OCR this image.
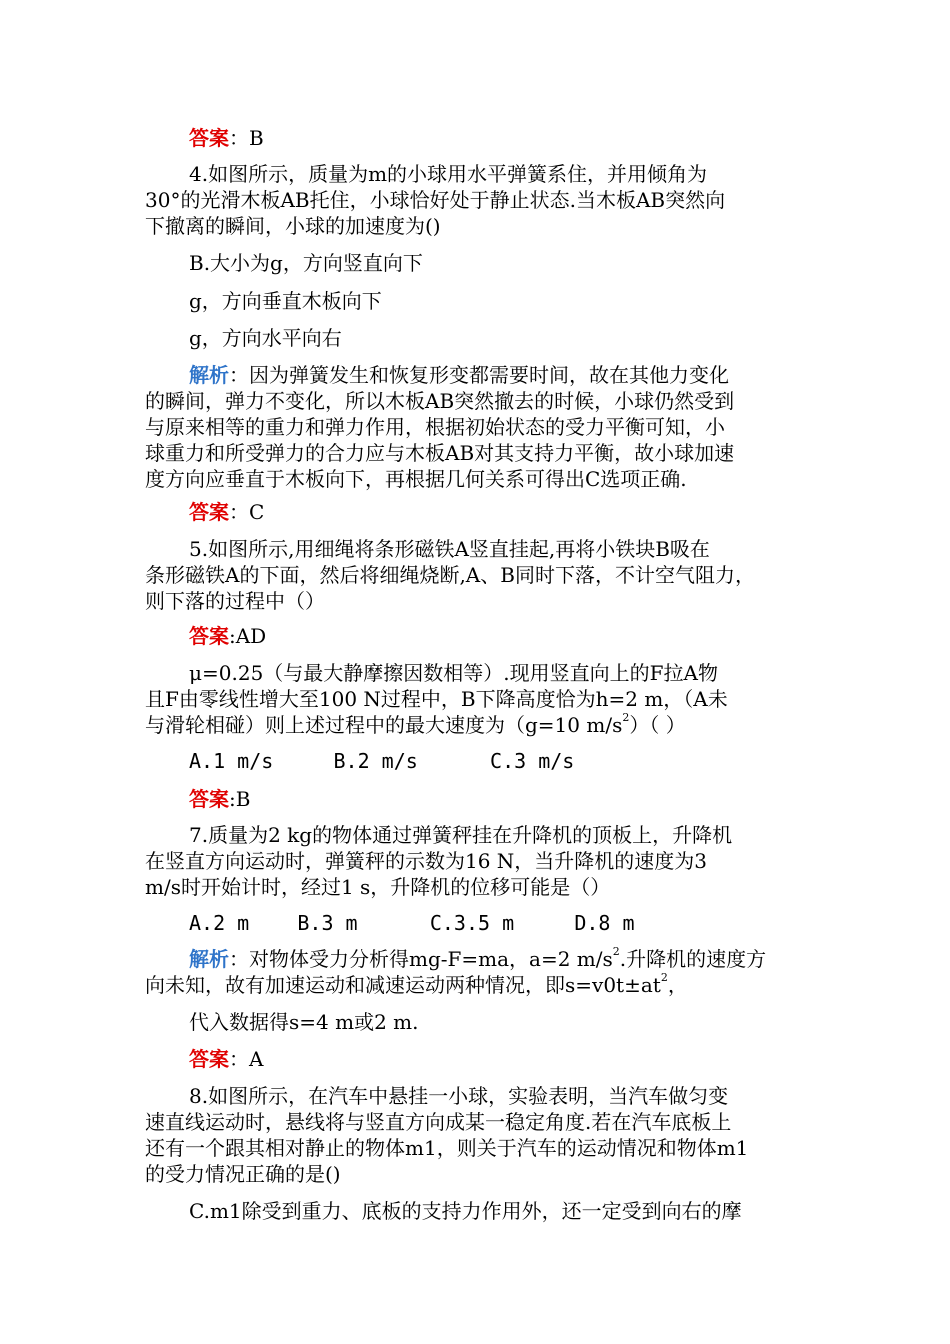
答案：B
4.如图所示，质量为m的小球用水平弹簧系住，并用倾角为
30°的光滑木板AB托住，小球恰好处于静止状态.当木板AB突然向
下撤离的瞬间，小球的加速度为()
B.大小为g，方向竖直向下
g，方向垂直木板向下
g，方向水平向右
解析：因为弹簧发生和恢复形变都需要时间，故在其他力变化
的瞬间，弹力不变化，所以木板AB突然撤去的时候，小球仍然受到
与原来相等的重力和弹力作用，根据初始状态的受力平衡可知，小
球重力和所受弹力的合力应与木板AB对其支持力平衡，故小球加速
度方向应垂直于木板向下，再根据几何关系可得出C选项正确.
答案：C
5.如图所示,用细绳将条形磁铁A竖直挂起,再将小铁块B吸在
条形磁铁A的下面，然后将细绳烧断,A、B同时下落，不计空气阻力，
则下落的过程中（）
答案:AD
μ=0.25（与最大静摩擦因数相等）.现用竖直向上的F拉A物
且F由零线性增大至100 N过程中，B下降高度恰为h=2 m，（A未
与滑轮相碰）则上述过程中的最大速度为（g=10 $m/s^2$）（ ）
A.1 m/s     B.2 m/s      C.3 m/s
答案:B
7.质量为2 kg的物体通过弹簧秤挂在升降机的顶板上，升降机
在竖直方向运动时，弹簧秤的示数为16 N，当升降机的速度为3
m/s时开始计时，经过1 s，升降机的位移可能是（）
A.2 m    B.3 m      C.3.5 m     D.8 m
解析：对物体受力分析得mg-F=ma，a=2 $m/s^2$.升降机的速度方
向未知，故有加速运动和减速运动两种情况，即$s=v0t\pm at^2$，
代入数据得s=4 m或2 m.
答案：A
8.如图所示，在汽车中悬挂一小球，实验表明，当汽车做匀变
速直线运动时，悬线将与竖直方向成某一稳定角度.若在汽车底板上
还有一个跟其相对静止的物体m1，则关于汽车的运动情况和物体m1
的受力情况正确的是()
C.m1除受到重力、底板的支持力作用外，还一定受到向右的摩
